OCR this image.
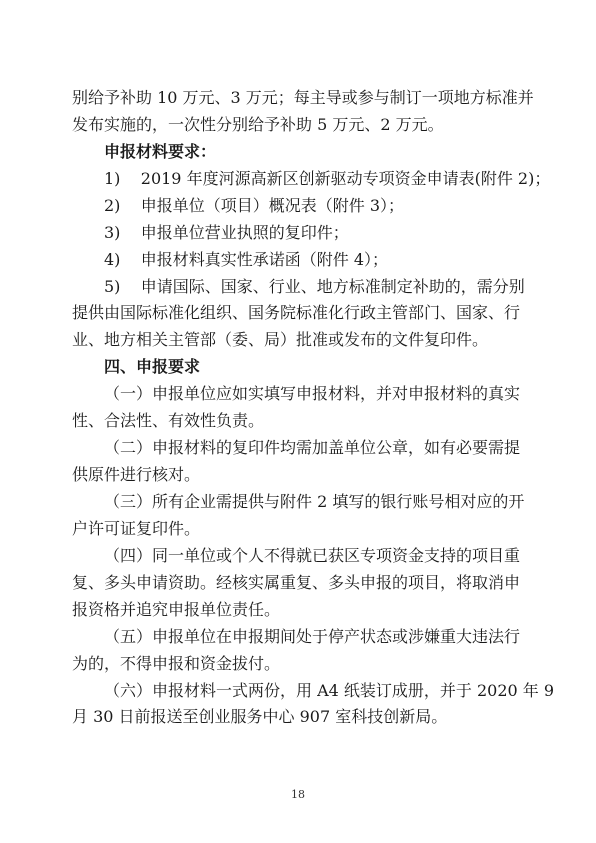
别给予补助 10 万元、3 万元；每主导或参与制订一项地方标准并
发布实施的，一次性分别给予补助 5 万元、2 万元。
申报材料要求：
1) 2019 年度河源高新区创新驱动专项资金申请表(附件 2)；
2) 申报单位（项目）概况表（附件 3）；
3) 申报单位营业执照的复印件；
4) 申报材料真实性承诺函（附件 4）；
5) 申请国际、国家、行业、地方标准制定补助的，需分别
提供由国际标准化组织、国务院标准化行政主管部门、国家、行
业、地方相关主管部（委、局）批准或发布的文件复印件。
四、申报要求
（一）申报单位应如实填写申报材料，并对申报材料的真实
性、合法性、有效性负责。
（二）申报材料的复印件均需加盖单位公章，如有必要需提
供原件进行核对。
（三）所有企业需提供与附件 2 填写的银行账号相对应的开
户许可证复印件。
（四）同一单位或个人不得就已获区专项资金支持的项目重
复、多头申请资助。经核实属重复、多头申报的项目，将取消申
报资格并追究申报单位责任。
（五）申报单位在申报期间处于停产状态或涉嫌重大违法行
为的，不得申报和资金拔付。
（六）申报材料一式两份，用 A4 纸装订成册，并于 2020 年 9
月 30 日前报送至创业服务中心 907 室科技创新局。
18
